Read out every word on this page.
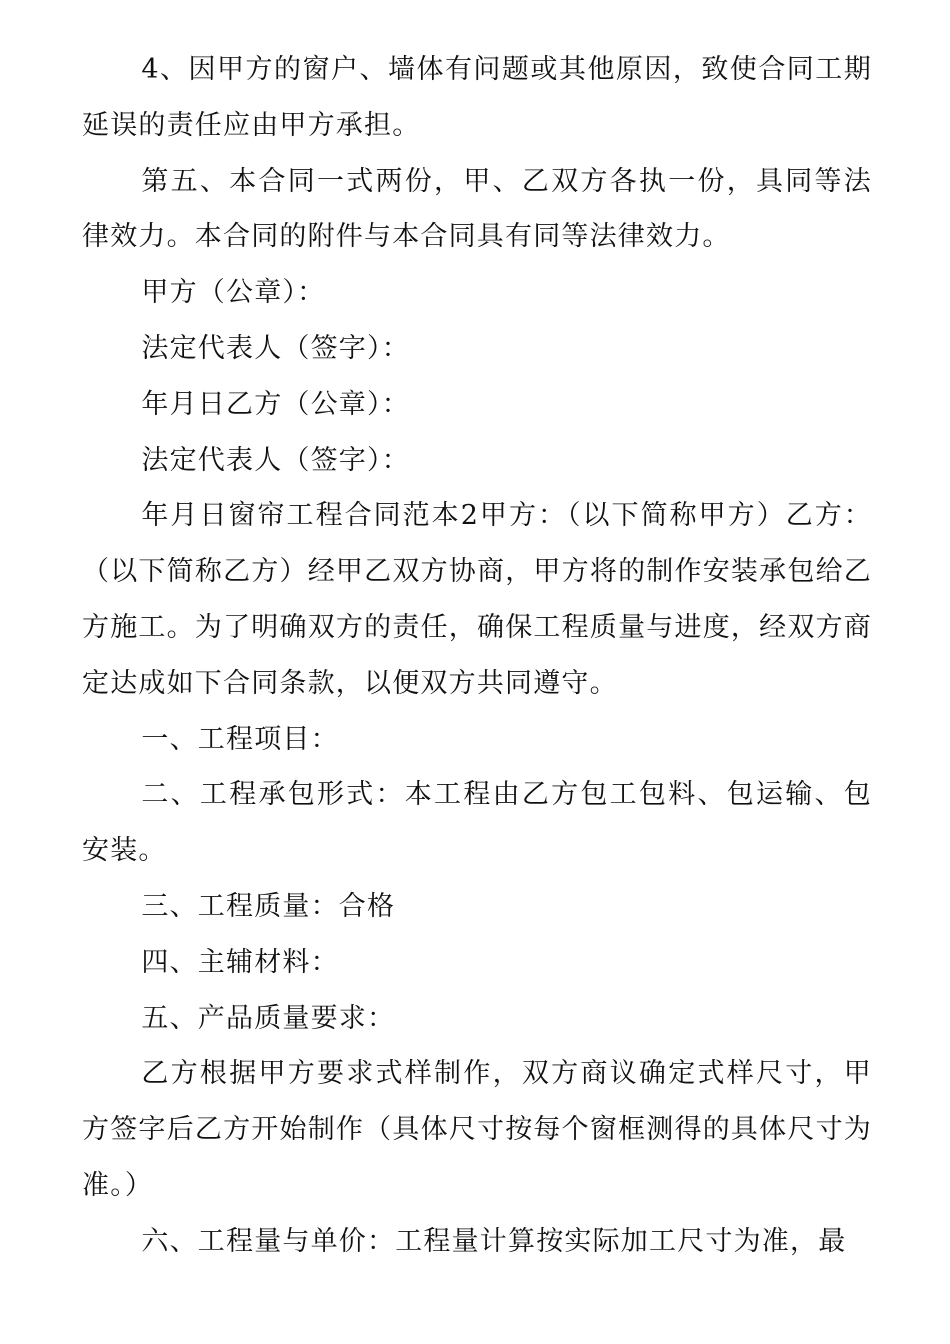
4、因甲方的窗户、墙体有问题或其他原因，致使合同工期延误的责任应由甲方承担。

第五、本合同一式两份，甲、乙双方各执一份，具同等法律效力。本合同的附件与本合同具有同等法律效力。

甲方（公章）：

法定代表人（签字）：

年月日乙方（公章）：

法定代表人（签字）：

年月日窗帘工程合同范本2甲方：（以下简称甲方）乙方：（以下简称乙方）经甲乙双方协商，甲方将的制作安装承包给乙方施工。为了明确双方的责任，确保工程质量与进度，经双方商定达成如下合同条款，以便双方共同遵守。

一、工程项目：

二、工程承包形式：本工程由乙方包工包料、包运输、包安装。

三、工程质量：合格

四、主辅材料：

五、产品质量要求：

乙方根据甲方要求式样制作，双方商议确定式样尺寸，甲方签字后乙方开始制作（具体尺寸按每个窗框测得的具体尺寸为准。）

六、工程量与单价：工程量计算按实际加工尺寸为准，最
